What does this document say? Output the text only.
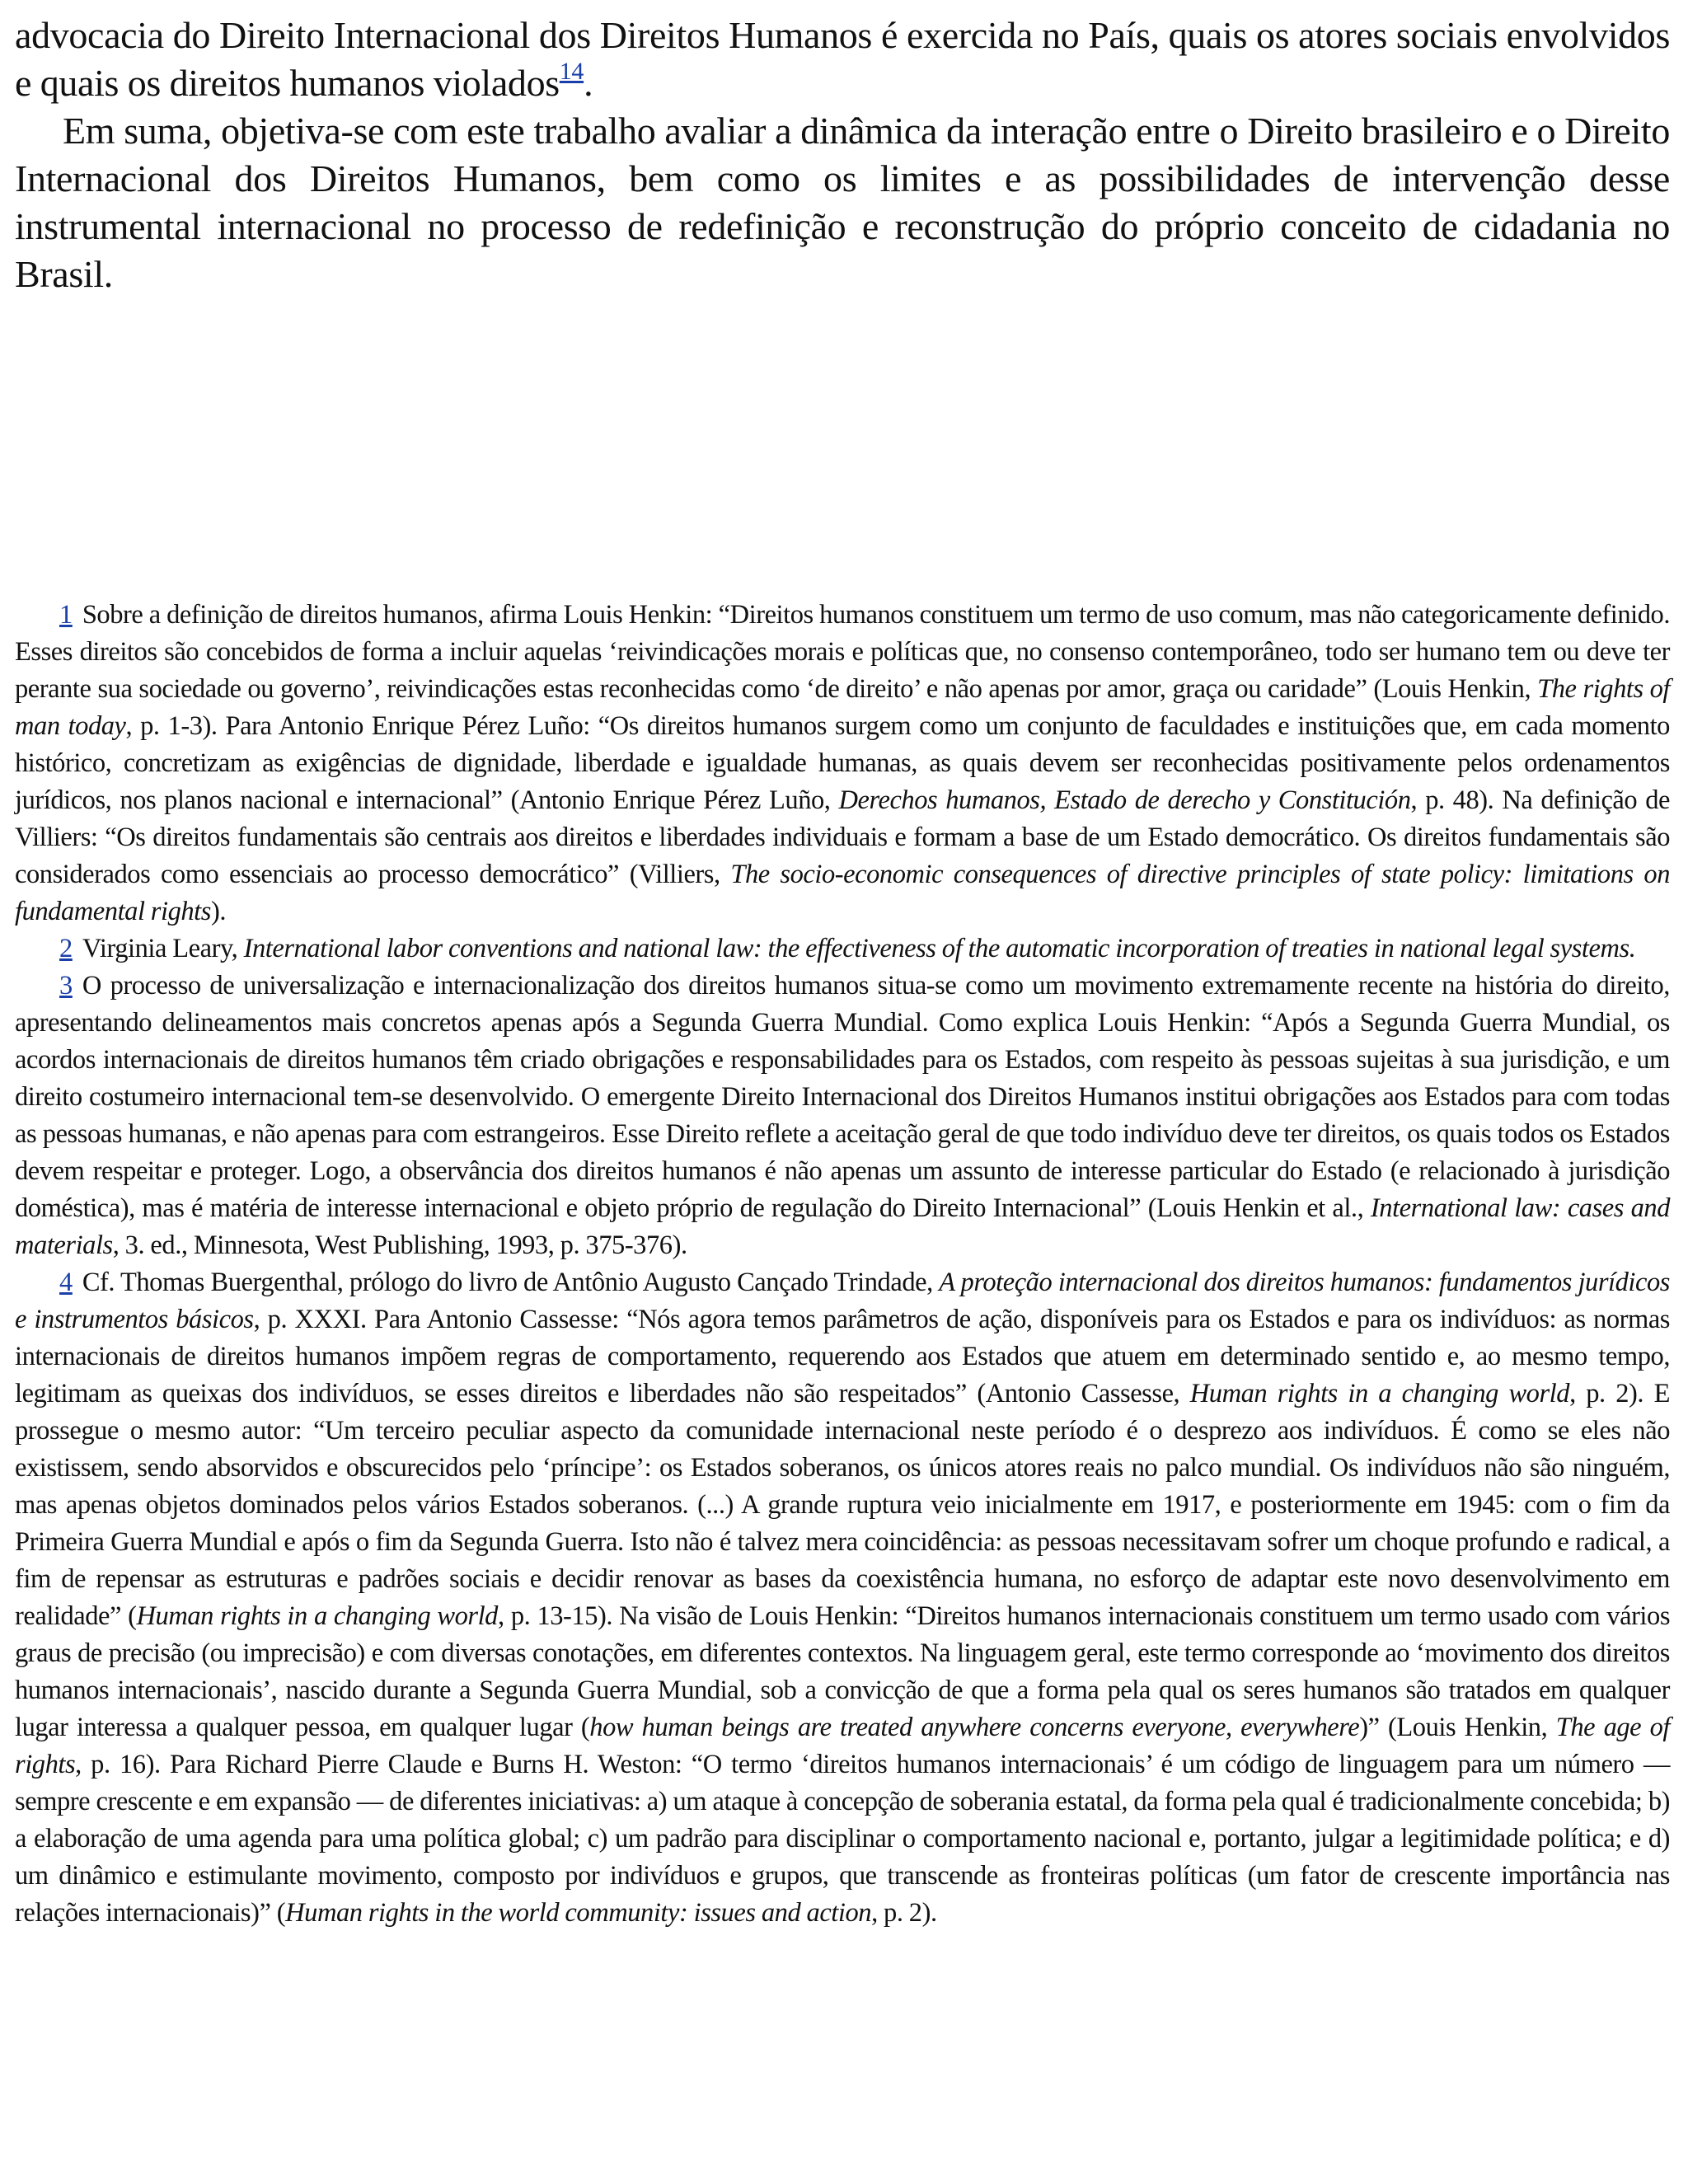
advocacia do Direito Internacional dos Direitos Humanos é exercida no País, quais os atores sociais envolvidos e quais os direitos humanos violados$^{14}$.

Em suma, objetiva-se com este trabalho avaliar a dinâmica da interação entre o Direito brasileiro e o Direito Internacional dos Direitos Humanos, bem como os limites e as possibilidades de intervenção desse instrumental internacional no processo de redefinição e reconstrução do próprio conceito de cidadania no Brasil.

1 Sobre a definição de direitos humanos, afirma Louis Henkin: “Direitos humanos constituem um termo de uso comum, mas não categoricamente definido. Esses direitos são concebidos de forma a incluir aquelas ‘reivindicações morais e políticas que, no consenso contemporâneo, todo ser humano tem ou deve ter perante sua sociedade ou governo’, reivindicações estas reconhecidas como ‘de direito’ e não apenas por amor, graça ou caridade” (Louis Henkin, The rights of man today, p. 1-3). Para Antonio Enrique Pérez Luño: “Os direitos humanos surgem como um conjunto de faculdades e instituições que, em cada momento histórico, concretizam as exigências de dignidade, liberdade e igualdade humanas, as quais devem ser reconhecidas positivamente pelos ordenamentos jurídicos, nos planos nacional e internacional” (Antonio Enrique Pérez Luño, Derechos humanos, Estado de derecho y Constitución, p. 48). Na definição de Villiers: “Os direitos fundamentais são centrais aos direitos e liberdades individuais e formam a base de um Estado democrático. Os direitos fundamentais são considerados como essenciais ao processo democrático” (Villiers, The socio-economic consequences of directive principles of state policy: limitations on fundamental rights).

2 Virginia Leary, International labor conventions and national law: the effectiveness of the automatic incorporation of treaties in national legal systems.

3 O processo de universalização e internacionalização dos direitos humanos situa-se como um movimento extremamente recente na história do direito, apresentando delineamentos mais concretos apenas após a Segunda Guerra Mundial. Como explica Louis Henkin: “Após a Segunda Guerra Mundial, os acordos internacionais de direitos humanos têm criado obrigações e responsabilidades para os Estados, com respeito às pessoas sujeitas à sua jurisdição, e um direito costumeiro internacional tem-se desenvolvido. O emergente Direito Internacional dos Direitos Humanos institui obrigações aos Estados para com todas as pessoas humanas, e não apenas para com estrangeiros. Esse Direito reflete a aceitação geral de que todo indivíduo deve ter direitos, os quais todos os Estados devem respeitar e proteger. Logo, a observância dos direitos humanos é não apenas um assunto de interesse particular do Estado (e relacionado à jurisdição doméstica), mas é matéria de interesse internacional e objeto próprio de regulação do Direito Internacional” (Louis Henkin et al., International law: cases and materials, 3. ed., Minnesota, West Publishing, 1993, p. 375-376).

4 Cf. Thomas Buergenthal, prólogo do livro de Antônio Augusto Cançado Trindade, A proteção internacional dos direitos humanos: fundamentos jurídicos e instrumentos básicos, p. XXXI. Para Antonio Cassesse: “Nós agora temos parâmetros de ação, disponíveis para os Estados e para os indivíduos: as normas internacionais de direitos humanos impõem regras de comportamento, requerendo aos Estados que atuem em determinado sentido e, ao mesmo tempo, legitimam as queixas dos indivíduos, se esses direitos e liberdades não são respeitados” (Antonio Cassesse, Human rights in a changing world, p. 2). E prossegue o mesmo autor: “Um terceiro peculiar aspecto da comunidade internacional neste período é o desprezo aos indivíduos. É como se eles não existissem, sendo absorvidos e obscurecidos pelo ‘príncipe’: os Estados soberanos, os únicos atores reais no palco mundial. Os indivíduos não são ninguém, mas apenas objetos dominados pelos vários Estados soberanos. (...) A grande ruptura veio inicialmente em 1917, e posteriormente em 1945: com o fim da Primeira Guerra Mundial e após o fim da Segunda Guerra. Isto não é talvez mera coincidência: as pessoas necessitavam sofrer um choque profundo e radical, a fim de repensar as estruturas e padrões sociais e decidir renovar as bases da coexistência humana, no esforço de adaptar este novo desenvolvimento em realidade” (Human rights in a changing world, p. 13-15). Na visão de Louis Henkin: “Direitos humanos internacionais constituem um termo usado com vários graus de precisão (ou imprecisão) e com diversas conotações, em diferentes contextos. Na linguagem geral, este termo corresponde ao ‘movimento dos direitos humanos internacionais’, nascido durante a Segunda Guerra Mundial, sob a convicção de que a forma pela qual os seres humanos são tratados em qualquer lugar interessa a qualquer pessoa, em qualquer lugar (how human beings are treated anywhere concerns everyone, everywhere)” (Louis Henkin, The age of rights, p. 16). Para Richard Pierre Claude e Burns H. Weston: “O termo ‘direitos humanos internacionais’ é um código de linguagem para um número — sempre crescente e em expansão — de diferentes iniciativas: a) um ataque à concepção de soberania estatal, da forma pela qual é tradicionalmente concebida; b) a elaboração de uma agenda para uma política global; c) um padrão para disciplinar o comportamento nacional e, portanto, julgar a legitimidade política; e d) um dinâmico e estimulante movimento, composto por indivíduos e grupos, que transcende as fronteiras políticas (um fator de crescente importância nas relações internacionais)” (Human rights in the world community: issues and action, p. 2).
